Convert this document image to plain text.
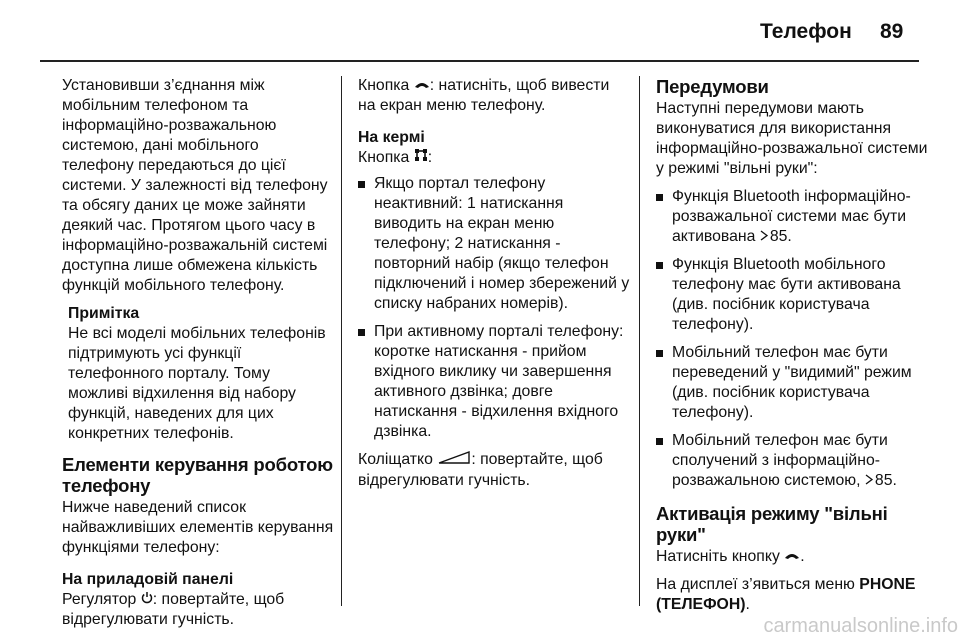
Телефон 89

Установивши з’єднання між мобільним телефоном та інформаційно-розважальною системою, дані мобільного телефону передаються до цієї системи. У залежності від телефону та обсягу даних це може зайняти деякий час. Протягом цього часу в інформаційно-розважальній системі доступна лише обмежена кількість функцій мобільного телефону.

Примітка
Не всі моделі мобільних телефонів підтримують усі функції телефонного порталу. Тому можливі відхилення від набору функцій, наведених для цих конкретних телефонів.
Елементи керування роботою телефону

Нижче наведений список найважливіших елементів керування функціями телефону:

На приладовій панелі

Регулятор : повертайте, щоб відрегулювати гучність.

Кнопка : натисніть, щоб вивести на екран меню телефону.

На кермі

Кнопка :

Якщо портал телефону неактивний: 1 натискання виводить на екран меню телефону; 2 натискання - повторний набір (якщо телефон підключений і номер збережений у списку набраних номерів).
При активному порталі телефону: коротке натискання - прийом вхідного виклику чи завершення активного дзвінка; довге натискання - відхилення вхідного дзвінка.

Коліщатко : повертайте, щоб відрегулювати гучність.

Передумови

Наступні передумови мають виконуватися для використання інформаційно-розважальної системи у режимі "вільні руки":

Функція Bluetooth інформаційно-розважальної системи має бути активована 85.
Функція Bluetooth мобільного телефону має бути активована (див. посібник користувача телефону).
Мобільний телефон має бути переведений у "видимий" режим (див. посібник користувача телефону).
Мобільний телефон має бути сполучений з інформаційно-розважальною системою, 85.
Активація режиму "вільні руки"

Натисніть кнопку .

На дисплеї з’явиться меню PHONE (ТЕЛЕФОН).

carmanualsonline.info
